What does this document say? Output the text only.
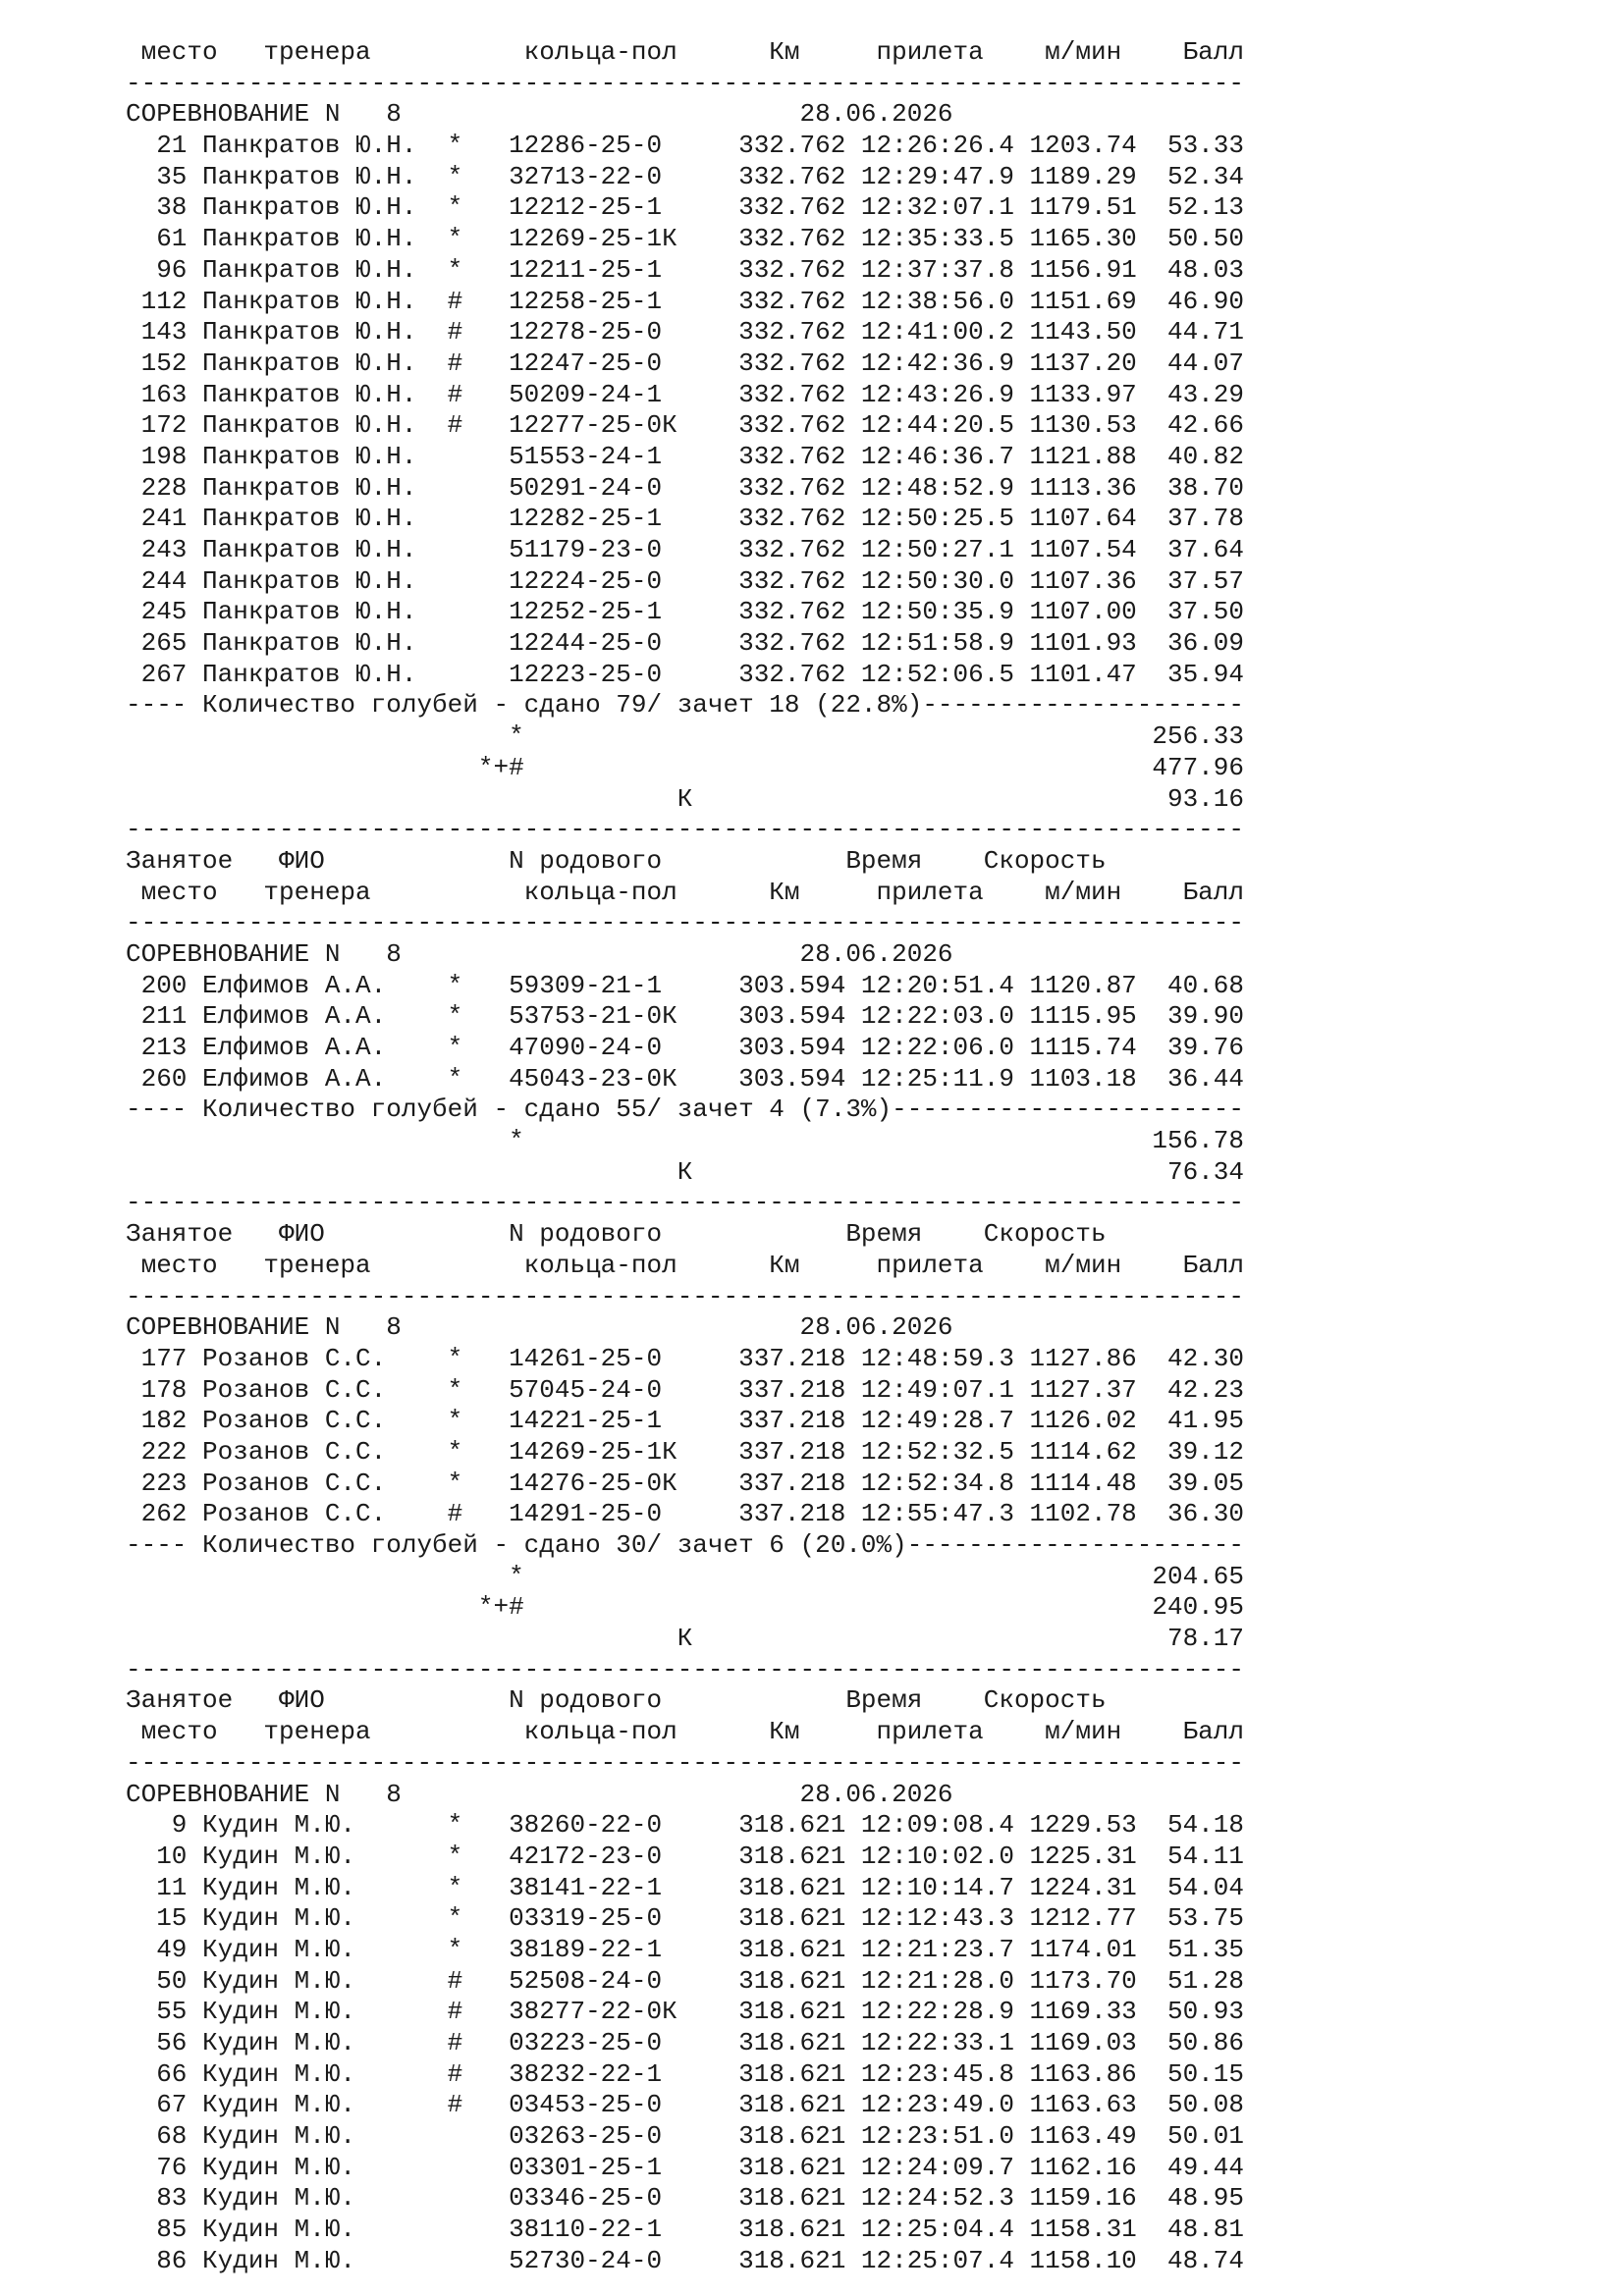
место   тренера          кольца-пол      Км     прилета    м/мин    Балл
-------------------------------------------------------------------------
СОРЕВНОВАНИЕ N   8                          28.06.2026
21 Панкратов Ю.Н.  *   12286-25-0     332.762 12:26:26.4 1203.74  53.33
35 Панкратов Ю.Н.  *   32713-22-0     332.762 12:29:47.9 1189.29  52.34
38 Панкратов Ю.Н.  *   12212-25-1     332.762 12:32:07.1 1179.51  52.13
61 Панкратов Ю.Н.  *   12269-25-1К    332.762 12:35:33.5 1165.30  50.50
96 Панкратов Ю.Н.  *   12211-25-1     332.762 12:37:37.8 1156.91  48.03
112 Панкратов Ю.Н.  #   12258-25-1     332.762 12:38:56.0 1151.69  46.90
143 Панкратов Ю.Н.  #   12278-25-0     332.762 12:41:00.2 1143.50  44.71
152 Панкратов Ю.Н.  #   12247-25-0     332.762 12:42:36.9 1137.20  44.07
163 Панкратов Ю.Н.  #   50209-24-1     332.762 12:43:26.9 1133.97  43.29
172 Панкратов Ю.Н.  #   12277-25-0К    332.762 12:44:20.5 1130.53  42.66
198 Панкратов Ю.Н.      51553-24-1     332.762 12:46:36.7 1121.88  40.82
228 Панкратов Ю.Н.      50291-24-0     332.762 12:48:52.9 1113.36  38.70
241 Панкратов Ю.Н.      12282-25-1     332.762 12:50:25.5 1107.64  37.78
243 Панкратов Ю.Н.      51179-23-0     332.762 12:50:27.1 1107.54  37.64
244 Панкратов Ю.Н.      12224-25-0     332.762 12:50:30.0 1107.36  37.57
245 Панкратов Ю.Н.      12252-25-1     332.762 12:50:35.9 1107.00  37.50
265 Панкратов Ю.Н.      12244-25-0     332.762 12:51:58.9 1101.93  36.09
267 Панкратов Ю.Н.      12223-25-0     332.762 12:52:06.5 1101.47  35.94
---- Количество голубей - сдано 79/ зачет 18 (22.8%)---------------------
*                                         256.33
*+#                                         477.96
К                               93.16
-------------------------------------------------------------------------
Занятое   ФИО            N родового            Время    Скорость
место   тренера          кольца-пол      Км     прилета    м/мин    Балл
-------------------------------------------------------------------------
СОРЕВНОВАНИЕ N   8                          28.06.2026
200 Елфимов А.А.    *   59309-21-1     303.594 12:20:51.4 1120.87  40.68
211 Елфимов А.А.    *   53753-21-0К    303.594 12:22:03.0 1115.95  39.90
213 Елфимов А.А.    *   47090-24-0     303.594 12:22:06.0 1115.74  39.76
260 Елфимов А.А.    *   45043-23-0К    303.594 12:25:11.9 1103.18  36.44
---- Количество голубей - сдано 55/ зачет 4 (7.3%)-----------------------
*                                         156.78
К                               76.34
-------------------------------------------------------------------------
Занятое   ФИО            N родового            Время    Скорость
место   тренера          кольца-пол      Км     прилета    м/мин    Балл
-------------------------------------------------------------------------
СОРЕВНОВАНИЕ N   8                          28.06.2026
177 Розанов С.С.    *   14261-25-0     337.218 12:48:59.3 1127.86  42.30
178 Розанов С.С.    *   57045-24-0     337.218 12:49:07.1 1127.37  42.23
182 Розанов С.С.    *   14221-25-1     337.218 12:49:28.7 1126.02  41.95
222 Розанов С.С.    *   14269-25-1К    337.218 12:52:32.5 1114.62  39.12
223 Розанов С.С.    *   14276-25-0К    337.218 12:52:34.8 1114.48  39.05
262 Розанов С.С.    #   14291-25-0     337.218 12:55:47.3 1102.78  36.30
---- Количество голубей - сдано 30/ зачет 6 (20.0%)----------------------
*                                         204.65
*+#                                         240.95
К                               78.17
-------------------------------------------------------------------------
Занятое   ФИО            N родового            Время    Скорость
место   тренера          кольца-пол      Км     прилета    м/мин    Балл
-------------------------------------------------------------------------
СОРЕВНОВАНИЕ N   8                          28.06.2026
9 Кудин М.Ю.      *   38260-22-0     318.621 12:09:08.4 1229.53  54.18
10 Кудин М.Ю.      *   42172-23-0     318.621 12:10:02.0 1225.31  54.11
11 Кудин М.Ю.      *   38141-22-1     318.621 12:10:14.7 1224.31  54.04
15 Кудин М.Ю.      *   03319-25-0     318.621 12:12:43.3 1212.77  53.75
49 Кудин М.Ю.      *   38189-22-1     318.621 12:21:23.7 1174.01  51.35
50 Кудин М.Ю.      #   52508-24-0     318.621 12:21:28.0 1173.70  51.28
55 Кудин М.Ю.      #   38277-22-0К    318.621 12:22:28.9 1169.33  50.93
56 Кудин М.Ю.      #   03223-25-0     318.621 12:22:33.1 1169.03  50.86
66 Кудин М.Ю.      #   38232-22-1     318.621 12:23:45.8 1163.86  50.15
67 Кудин М.Ю.      #   03453-25-0     318.621 12:23:49.0 1163.63  50.08
68 Кудин М.Ю.          03263-25-0     318.621 12:23:51.0 1163.49  50.01
76 Кудин М.Ю.          03301-25-1     318.621 12:24:09.7 1162.16  49.44
83 Кудин М.Ю.          03346-25-0     318.621 12:24:52.3 1159.16  48.95
85 Кудин М.Ю.          38110-22-1     318.621 12:25:04.4 1158.31  48.81
86 Кудин М.Ю.          52730-24-0     318.621 12:25:07.4 1158.10  48.74
